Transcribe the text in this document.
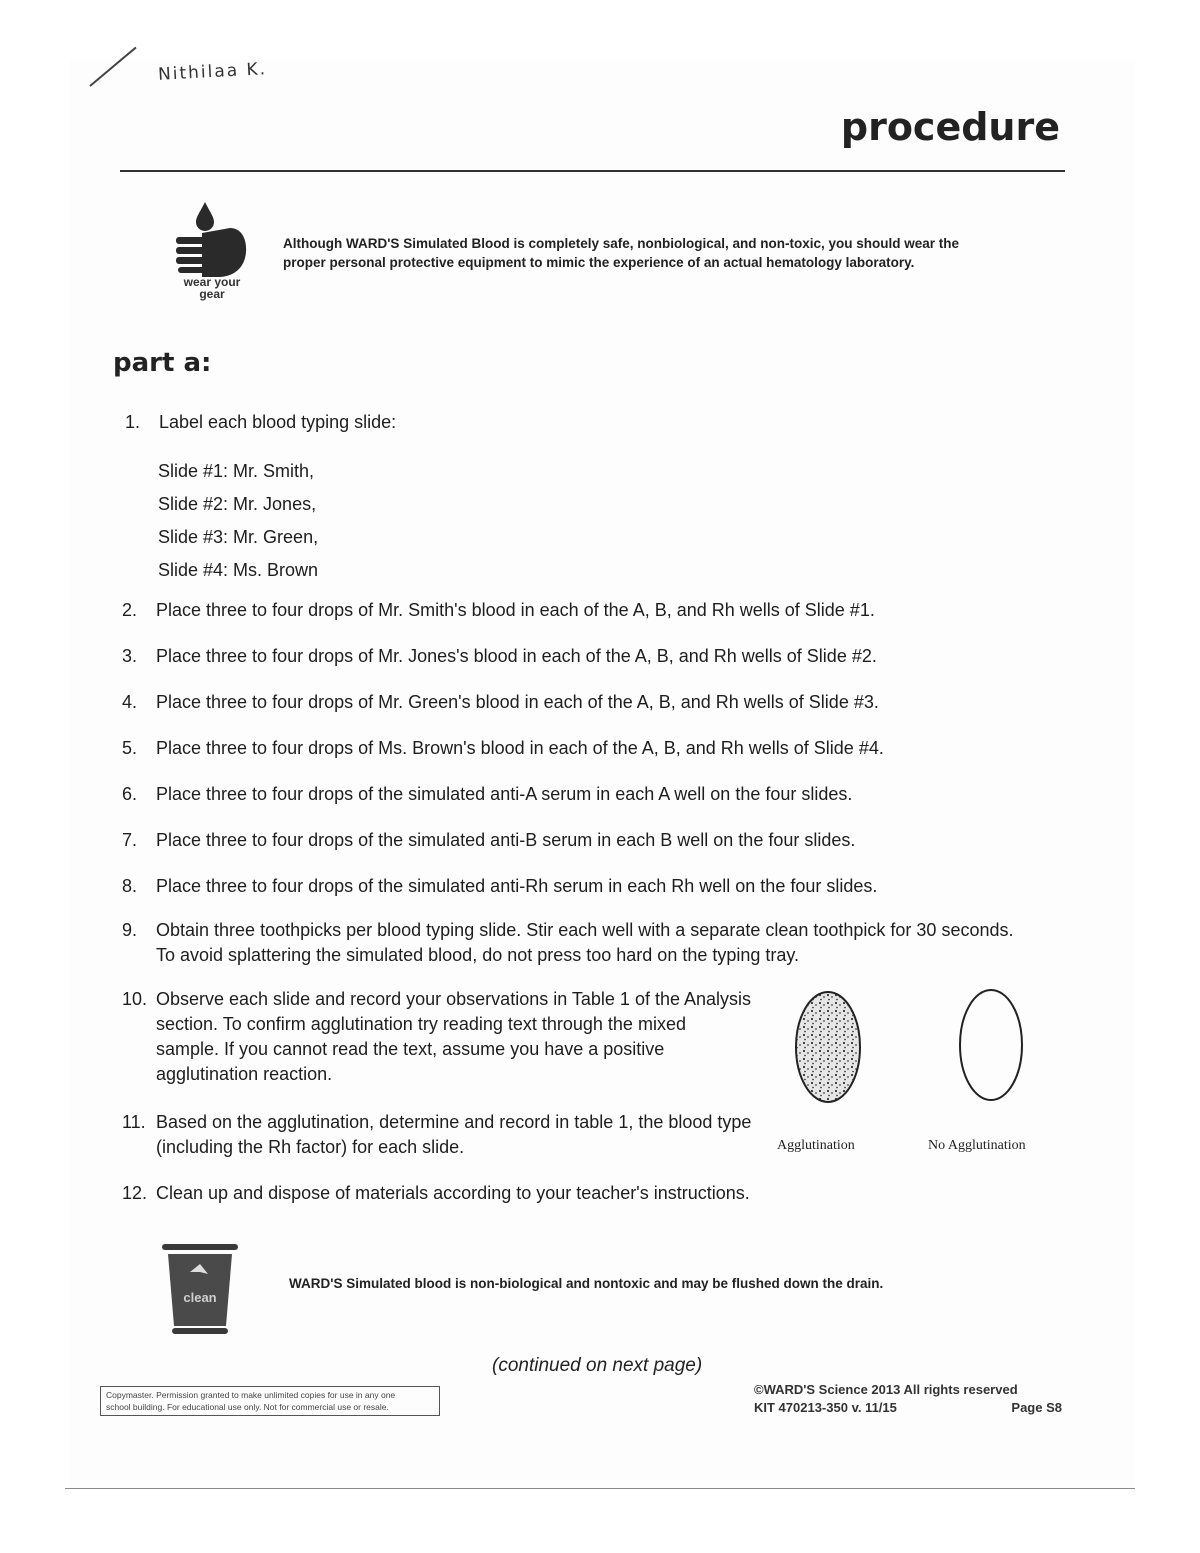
Nithilaa K.
procedure
wear your
gear

Although WARD'S Simulated Blood is completely safe, nonbiological, and non-toxic, you should wear the
proper personal protective equipment to mimic the experience of an actual hematology laboratory.

part a:
1.	Label each blood typing slide:
Slide #1: Mr. Smith,
Slide #2: Mr. Jones,
Slide #3: Mr. Green,
Slide #4: Ms. Brown
2.	Place three to four drops of Mr. Smith's blood in each of the A, B, and Rh wells of Slide #1.
3.	Place three to four drops of Mr. Jones's blood in each of the A, B, and Rh wells of Slide #2.
4.	Place three to four drops of Mr. Green's blood in each of the A, B, and Rh wells of Slide #3.
5.	Place three to four drops of Ms. Brown's blood in each of the A, B, and Rh wells of Slide #4.
6.	Place three to four drops of the simulated anti-A serum in each A well on the four slides.
7.	Place three to four drops of the simulated anti-B serum in each B well on the four slides.
8.	Place three to four drops of the simulated anti-Rh serum in each Rh well on the four slides.
9.	Obtain three toothpicks per blood typing slide. Stir each well with a separate clean toothpick for 30 seconds. To avoid splattering the simulated blood, do not press too hard on the typing tray.
10. Observe each slide and record your observations in Table 1 of the Analysis section. To confirm agglutination try reading text through the mixed sample. If you cannot read the text, assume you have a positive agglutination reaction.
11. Based on the agglutination, determine and record in table 1, the blood type (including the Rh factor) for each slide.
12. Clean up and dispose of materials according to your teacher's instructions.
Agglutination	No Agglutination
clean

WARD'S Simulated blood is non-biological and nontoxic and may be flushed down the drain.

(continued on next page)

Copymaster. Permission granted to make unlimited copies for use in any one
school building. For educational use only. Not for commercial use or resale.
©WARD'S Science 2013 All rights reserved
KIT 470213-350 v. 11/15	Page S8
